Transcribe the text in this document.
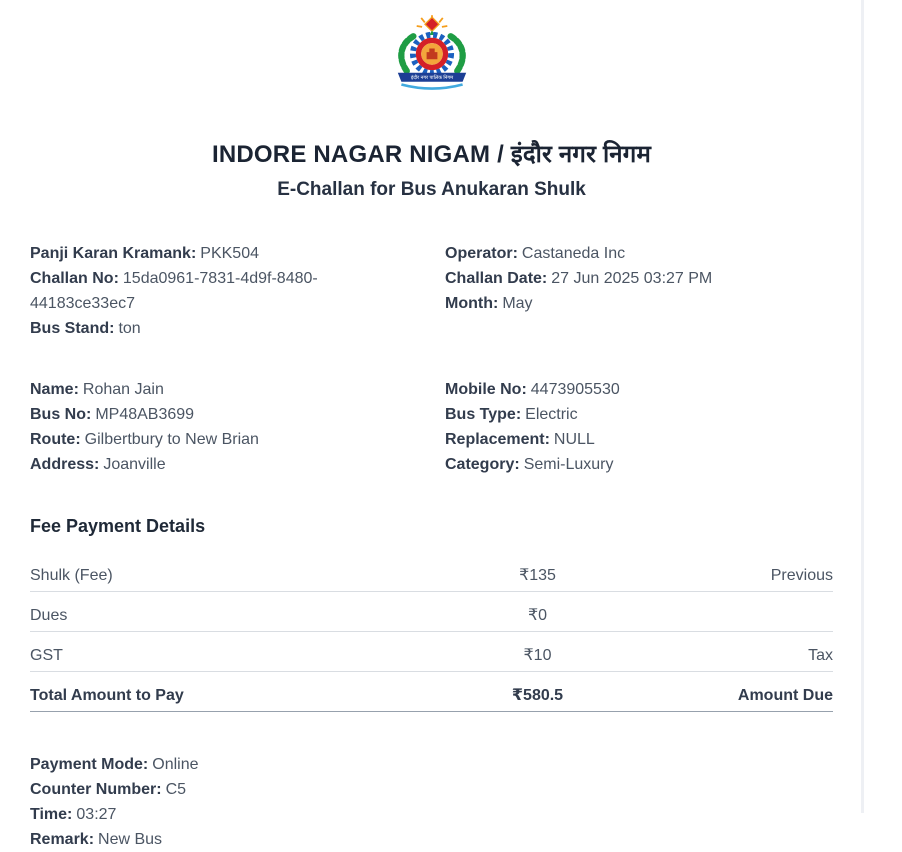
इंदौर नगर पालिक निगम
INDORE NAGAR NIGAM / इंदौर नगर निगम
E-Challan for Bus Anukaran Shulk
Panji Karan Kramank: PKK504
Challan No: 15da0961-7831-4d9f-8480-44183ce33ec7
Bus Stand: ton
Operator: Castaneda Inc
Challan Date: 27 Jun 2025 03:27 PM
Month: May
Name: Rohan Jain
Bus No: MP48AB3699
Route: Gilbertbury to New Brian
Address: Joanville
Mobile No: 4473905530
Bus Type: Electric
Replacement: NULL
Category: Semi-Luxury
Fee Payment Details
Shulk (Fee)	₹135	Previous
Dues	₹0
GST	₹10	Tax
Total Amount to Pay	₹580.5	Amount Due
Payment Mode: Online
Counter Number: C5
Time: 03:27
Remark: New Bus
